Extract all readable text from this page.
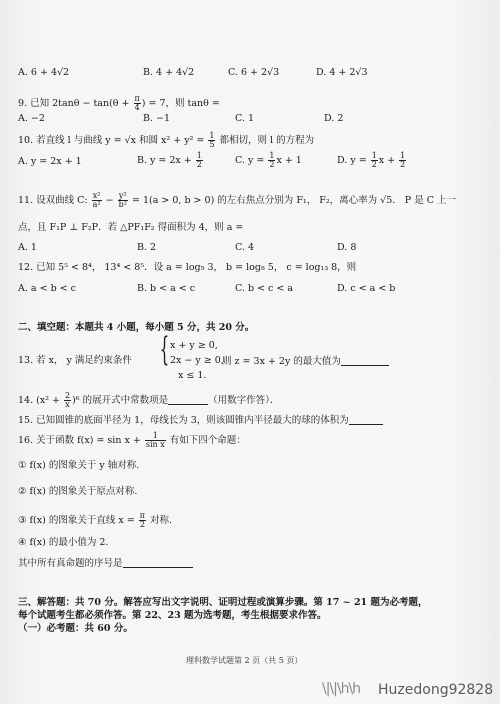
A. 6 + 4√2	B. 4 + 4√2	C. 6 + 2√3	D. 4 + 2√3
9. 已知 $2\tan\theta - \tan(\theta + \frac{\pi}{4}$ ) = 7，则 tanθ =
A. −2	B. −1	C. 1	D. 2
10. 若直线 l 与曲线 y = √x 和圆 $x^2 + y^2 = \frac{1}{5}$ 都相切，则 l 的方程为
A. y = 2x + 1	B. $y = 2x + \frac{1}{2}$	C. $y = \frac{1}{2}$ x + 1	D. $y = \frac{1}{2}$ $x + \frac{1}{2}$
11. 设双曲线 C: $\frac{\text{x²}}{\text{a²}} - \frac{\text{y²}}{\text{b²}} = 1(a > 0$, b > 0) 的左右焦点分别为 F₁， F₂，离心率为 √5． P 是 C 上一
点，且 F₁P ⊥ F₂P．若 △PF₁F₂ 得面积为 4，则 a =
A. 1	B. 2	C. 4	D. 8
12. 已知 5⁵ < 8⁴， 13⁴ < 8⁵．设 a = log₅ 3， b = log₈ 5， c = log₁₃ 8，则
A. a < b < c	B. b < a < c	C. b < c < a	D. c < a < b
二、填空题：本题共 4 小题，每小题 5 分，共 20 分。
13. 若 x， y 满足约束条件 { x + y ≥ 0,
2x − y ≥ 0,
x ≤ 1.
则 z = 3x + 2y 的最大值为
14. $(x^2 + \frac{2}{x} )^6$ 的展开式中常数项是	（用数字作答）．
15. 已知圆锥的底面半径为 1，母线长为 3，则该圆锥内半径最大的球的体积为
16. 关于函数 $f(x) = \sin x + \frac{1}{\text{sin x}}$ 有如下四个命题：
① f(x) 的图象关于 y 轴对称.
② f(x) 的图象关于原点对称.
③ f(x) 的图象关于直线 $x = \frac{\pi}{2}$ 对称.
④ f(x) 的最小值为 2.
其中所有真命题的序号是
三、解答题：共 70 分。解答应写出文字说明、证明过程或演算步骤。第 17 ~ 21 题为必考题，
每个试题考生都必须作答。第 22、23 题为选考题，考生根据要求作答。
（一）必考题：共 60 分。
理科数学试题第 2 页（共 5 页）
\|\|\h\h Huzedong92828
